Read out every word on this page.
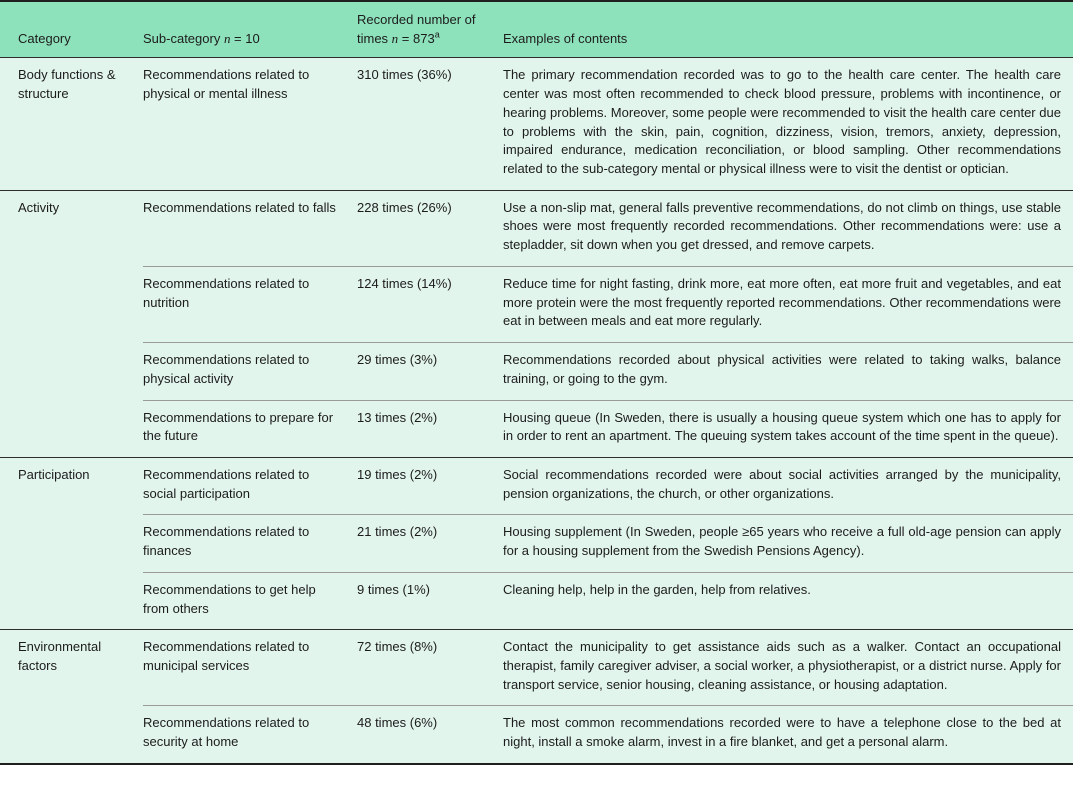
Category	Sub-category n = 10	Recorded number of times n = 873$^a$	Examples of contents
Body functions & structure	Recommendations related to physical or mental illness	310 times (36%)	The primary recommendation recorded was to go to the health care center. The health care center was most often recommended to check blood pressure, problems with incontinence, or hearing problems. Moreover, some people were recommended to visit the health care center due to problems with the skin, pain, cognition, dizziness, vision, tremors, anxiety, depression, impaired endurance, medication reconciliation, or blood sampling. Other recommendations related to the sub-category mental or physical illness were to visit the dentist or optician.
Activity	Recommendations related to falls	228 times (26%)	Use a non-slip mat, general falls preventive recommendations, do not climb on things, use stable shoes were most frequently recorded recommendations. Other recommendations were: use a stepladder, sit down when you get dressed, and remove carpets.
	Recommendations related to nutrition	124 times (14%)	Reduce time for night fasting, drink more, eat more often, eat more fruit and vegetables, and eat more protein were the most frequently reported recommendations. Other recommendations were eat in between meals and eat more regularly.
	Recommendations related to physical activity	29 times (3%)	Recommendations recorded about physical activities were related to taking walks, balance training, or going to the gym.
	Recommendations to prepare for the future	13 times (2%)	Housing queue (In Sweden, there is usually a housing queue system which one has to apply for in order to rent an apartment. The queuing system takes account of the time spent in the queue).
Participation	Recommendations related to social participation	19 times (2%)	Social recommendations recorded were about social activities arranged by the municipality, pension organizations, the church, or other organizations.
	Recommendations related to finances	21 times (2%)	Housing supplement (In Sweden, people ≥65 years who receive a full old-age pension can apply for a housing supplement from the Swedish Pensions Agency).
	Recommendations to get help from others	9 times (1%)	Cleaning help, help in the garden, help from relatives.
Environmental factors	Recommendations related to municipal services	72 times (8%)	Contact the municipality to get assistance aids such as a walker. Contact an occupational therapist, family caregiver adviser, a social worker, a physiotherapist, or a district nurse. Apply for transport service, senior housing, cleaning assistance, or housing adaptation.
	Recommendations related to security at home	48 times (6%)	The most common recommendations recorded were to have a telephone close to the bed at night, install a smoke alarm, invest in a fire blanket, and get a personal alarm.
